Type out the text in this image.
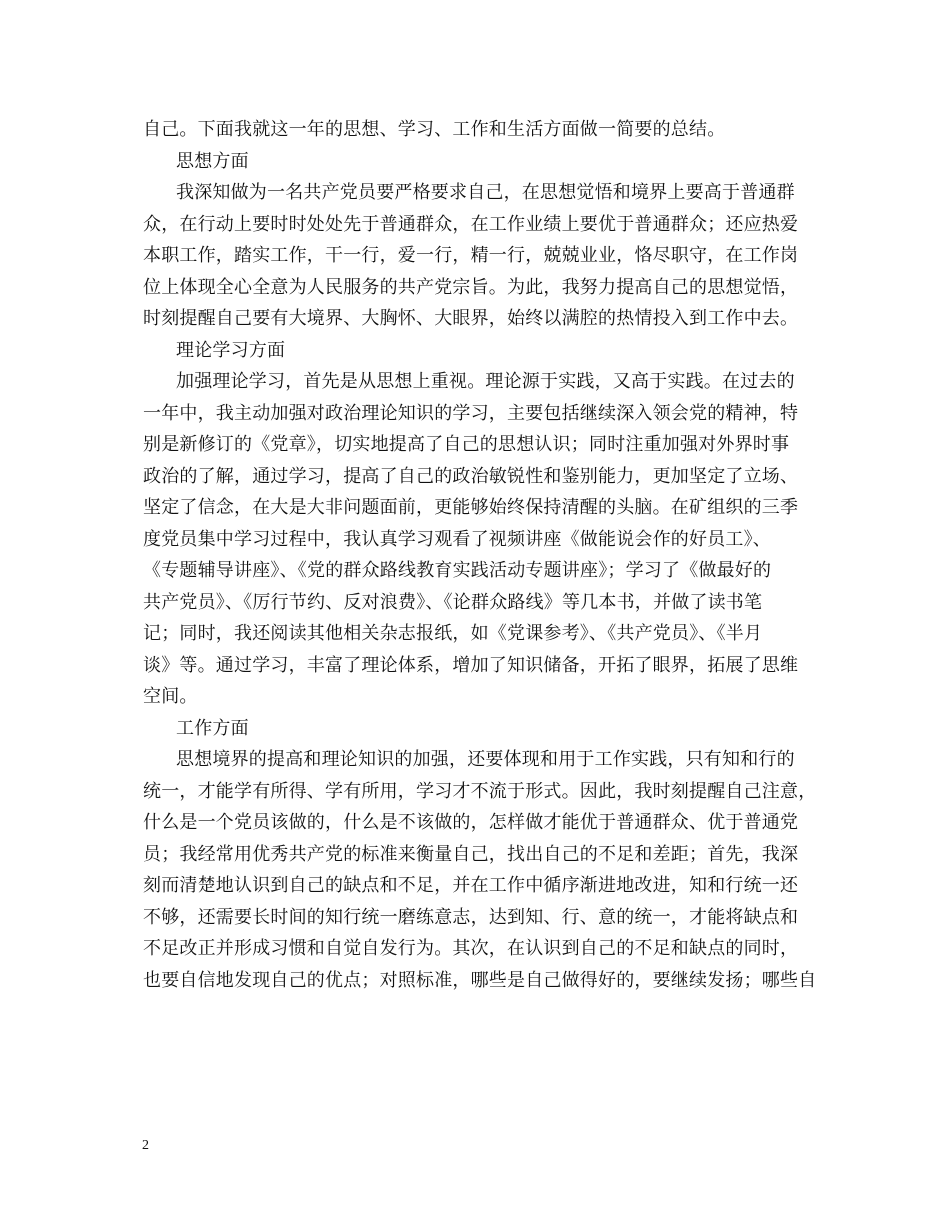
自己。下面我就这一年的思想、学习、工作和生活方面做一简要的总结。
思想方面
我深知做为一名共产党员要严格要求自己，在思想觉悟和境界上要高于普通群
众，在行动上要时时处处先于普通群众，在工作业绩上要优于普通群众；还应热爱
本职工作，踏实工作，干一行，爱一行，精一行，兢兢业业，恪尽职守，在工作岗
位上体现全心全意为人民服务的共产党宗旨。为此，我努力提高自己的思想觉悟，
时刻提醒自己要有大境界、大胸怀、大眼界，始终以满腔的热情投入到工作中去。
理论学习方面
加强理论学习，首先是从思想上重视。理论源于实践，又高于实践。在过去的
一年中，我主动加强对政治理论知识的学习，主要包括继续深入领会党的精神，特
别是新修订的《党章》，切实地提高了自己的思想认识；同时注重加强对外界时事
政治的了解，通过学习，提高了自己的政治敏锐性和鉴别能力，更加坚定了立场、
坚定了信念，在大是大非问题面前，更能够始终保持清醒的头脑。在矿组织的三季
度党员集中学习过程中，我认真学习观看了视频讲座《做能说会作的好员工》、
《专题辅导讲座》、《党的群众路线教育实践活动专题讲座》；学习了《做最好的
共产党员》、《厉行节约、反对浪费》、《论群众路线》等几本书，并做了读书笔
记；同时，我还阅读其他相关杂志报纸，如《党课参考》、《共产党员》、《半月
谈》等。通过学习，丰富了理论体系，增加了知识储备，开拓了眼界，拓展了思维
空间。
工作方面
思想境界的提高和理论知识的加强，还要体现和用于工作实践，只有知和行的
统一，才能学有所得、学有所用，学习才不流于形式。因此，我时刻提醒自己注意，
什么是一个党员该做的，什么是不该做的，怎样做才能优于普通群众、优于普通党
员；我经常用优秀共产党的标准来衡量自己，找出自己的不足和差距；首先，我深
刻而清楚地认识到自己的缺点和不足，并在工作中循序渐进地改进，知和行统一还
不够，还需要长时间的知行统一磨练意志，达到知、行、意的统一，才能将缺点和
不足改正并形成习惯和自觉自发行为。其次，在认识到自己的不足和缺点的同时，
也要自信地发现自己的优点；对照标准，哪些是自己做得好的，要继续发扬；哪些自
2
